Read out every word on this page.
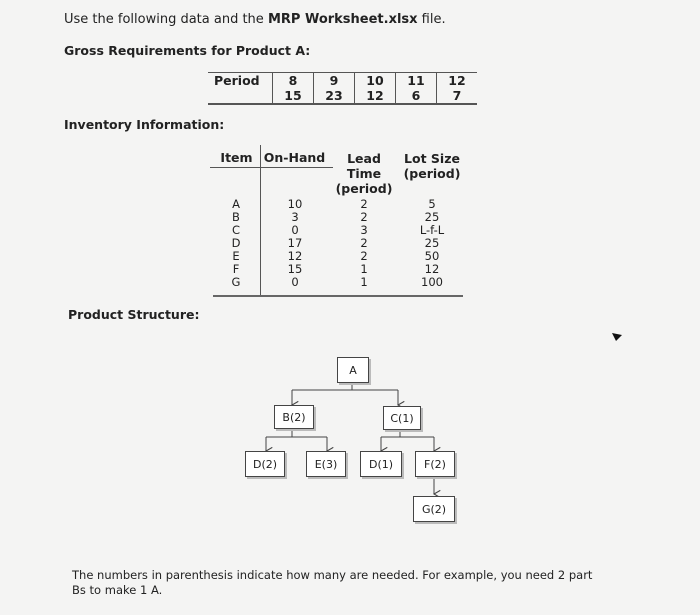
Use the following data and the MRP Worksheet.xlsx file.
Gross Requirements for Product A:
Period	8	9	10	11	12
	15	23	12	6	7
Inventory Information:
Item On-Hand	Lead
Time
(period)
Lot Size
(period)
A	10	2	5
B	3	2	25
C	0	3	L-f-L
D	17	2	25
E	12	2	50
F	15	1	12
G	0	1	100
Product Structure:
A
B(2)	C(1)
D(2)	E(3)	D(1)	F(2)
G(2)
The numbers in parenthesis indicate how many are needed. For example, you need 2 part
Bs to make 1 A.
